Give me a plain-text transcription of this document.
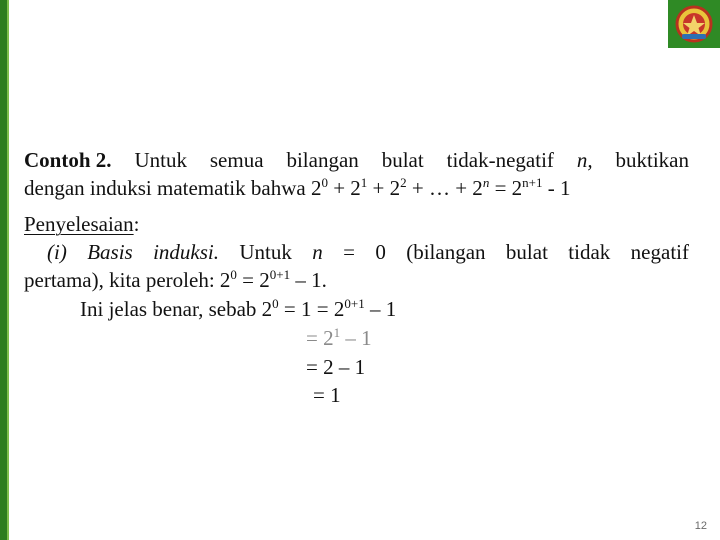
Contoh 2. Untuk semua bilangan bulat tidak-negatif n, buktikan
dengan induksi matematik bahwa $2^0 + 2^1 + 2^2$ + … + $2^n = 2^{n+1} - 1$
Penyelesaian:
(i) Basis induksi. Untuk n = 0 (bilangan bulat tidak negatif
pertama), kita peroleh: $2^0 = 2^{0+1} - 1$.
Ini jelas benar, sebab $2^0 = 1 = 2^{0+1} - 1$
= $2^1 - 1$
= 2 – 1
= 1
12
